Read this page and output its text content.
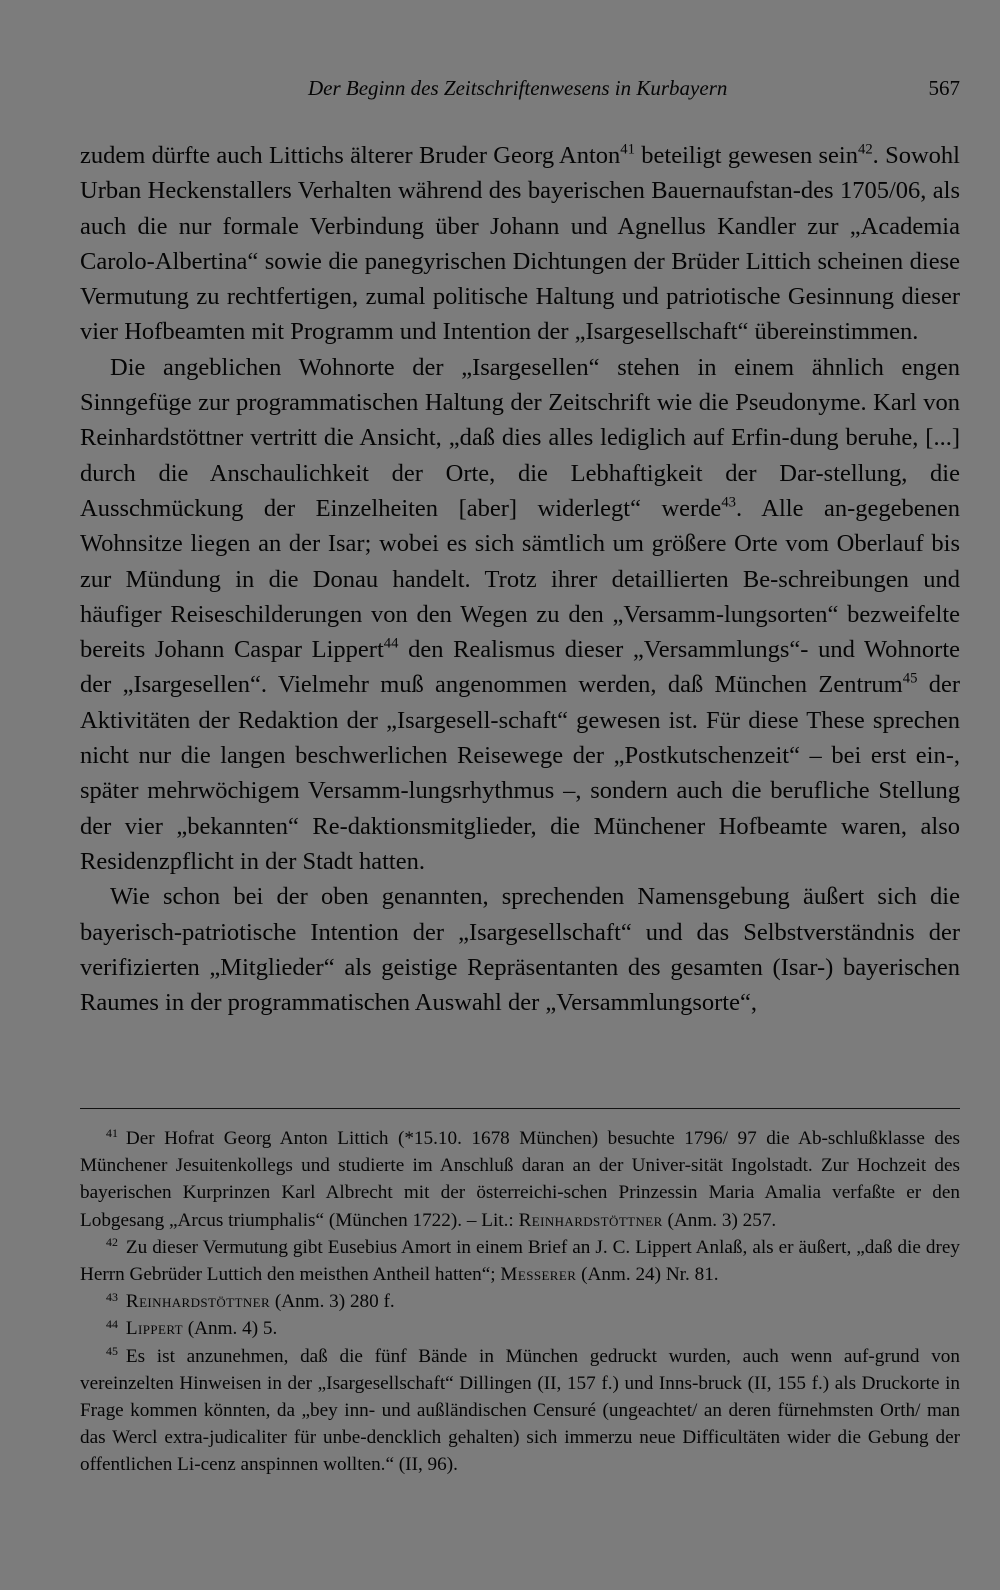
Der Beginn des Zeitschriftenwesens in Kurbayern	567

zudem dürfte auch Littichs älterer Bruder Georg Anton$^{41}$ beteiligt gewesen sein$^{42}$. Sowohl Urban Heckenstallers Verhalten während des bayerischen Bauernaufstan-des 1705/06, als auch die nur formale Verbindung über Johann und Agnellus Kandler zur „Academia Carolo-Albertina“ sowie die panegyrischen Dichtungen der Brüder Littich scheinen diese Vermutung zu rechtfertigen, zumal politische Haltung und patriotische Gesinnung dieser vier Hofbeamten mit Programm und Intention der „Isargesellschaft“ übereinstimmen.

Die angeblichen Wohnorte der „Isargesellen“ stehen in einem ähnlich engen Sinngefüge zur programmatischen Haltung der Zeitschrift wie die Pseudonyme. Karl von Reinhardstöttner vertritt die Ansicht, „daß dies alles lediglich auf Erfin-dung beruhe, [...] durch die Anschaulichkeit der Orte, die Lebhaftigkeit der Dar-stellung, die Ausschmückung der Einzelheiten [aber] widerlegt“ werde$^{43}$. Alle an-gegebenen Wohnsitze liegen an der Isar; wobei es sich sämtlich um größere Orte vom Oberlauf bis zur Mündung in die Donau handelt. Trotz ihrer detaillierten Be-schreibungen und häufiger Reiseschilderungen von den Wegen zu den „Versamm-lungsorten“ bezweifelte bereits Johann Caspar Lippert$^{44}$ den Realismus dieser „Versammlungs“- und Wohnorte der „Isargesellen“. Vielmehr muß angenommen werden, daß München Zentrum$^{45}$ der Aktivitäten der Redaktion der „Isargesell-schaft“ gewesen ist. Für diese These sprechen nicht nur die langen beschwerlichen Reisewege der „Postkutschenzeit“ – bei erst ein-, später mehrwöchigem Versamm-lungsrhythmus –, sondern auch die berufliche Stellung der vier „bekannten“ Re-daktionsmitglieder, die Münchener Hofbeamte waren, also Residenzpflicht in der Stadt hatten.

Wie schon bei der oben genannten, sprechenden Namensgebung äußert sich die bayerisch-patriotische Intention der „Isargesellschaft“ und das Selbstverständnis der verifizierten „Mitglieder“ als geistige Repräsentanten des gesamten (Isar-) bayerischen Raumes in der programmatischen Auswahl der „Versammlungsorte“,

$^{41}$ Der Hofrat Georg Anton Littich (*15.10. 1678 München) besuchte 1796/ 97 die Ab-schlußklasse des Münchener Jesuitenkollegs und studierte im Anschluß daran an der Univer-sität Ingolstadt. Zur Hochzeit des bayerischen Kurprinzen Karl Albrecht mit der österreichi-schen Prinzessin Maria Amalia verfaßte er den Lobgesang „Arcus triumphalis“ (München 1722). – Lit.: Reinhardstöttner (Anm. 3) 257.

$^{42}$ Zu dieser Vermutung gibt Eusebius Amort in einem Brief an J. C. Lippert Anlaß, als er äußert, „daß die drey Herrn Gebrüder Luttich den meisthen Antheil hatten“; Messerer (Anm. 24) Nr. 81.

$^{43}$ Reinhardstöttner (Anm. 3) 280 f.

$^{44}$ Lippert (Anm. 4) 5.

$^{45}$ Es ist anzunehmen, daß die fünf Bände in München gedruckt wurden, auch wenn auf-grund von vereinzelten Hinweisen in der „Isargesellschaft“ Dillingen (II, 157 f.) und Inns-bruck (II, 155 f.) als Druckorte in Frage kommen könnten, da „bey inn- und außländischen Censuré (ungeachtet/ an deren fürnehmsten Orth/ man das Wercl extra-judicaliter für unbe-dencklich gehalten) sich immerzu neue Difficultäten wider die Gebung der offentlichen Li-cenz anspinnen wollten.“ (II, 96).
